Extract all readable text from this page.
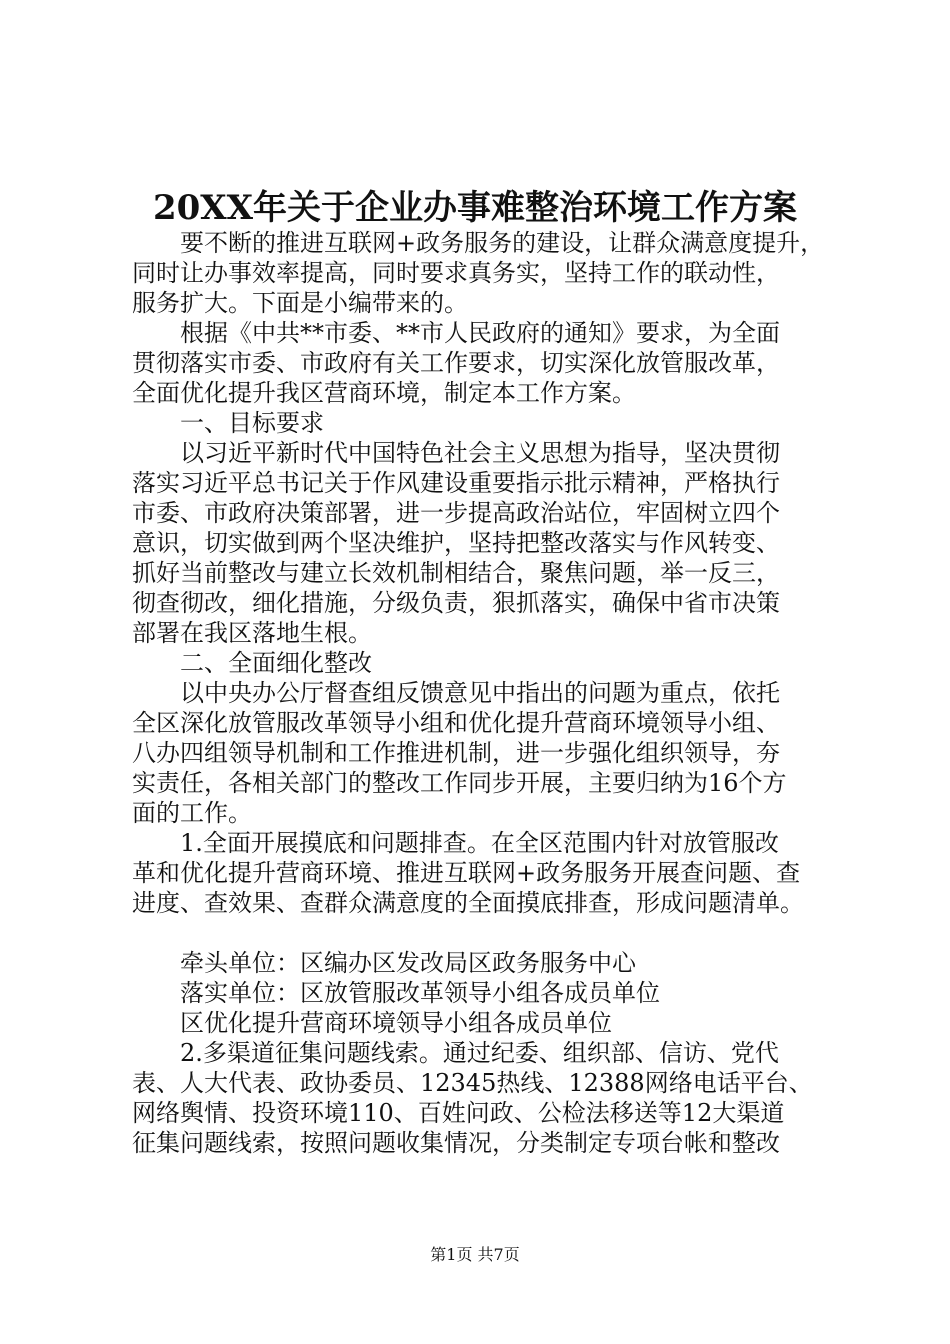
20XX年关于企业办事难整治环境工作方案
要不断的推进互联网+政务服务的建设，让群众满意度提升，
同时让办事效率提高，同时要求真务实，坚持工作的联动性，
服务扩大。下面是小编带来的。
根据《中共**市委、**市人民政府的通知》要求，为全面
贯彻落实市委、市政府有关工作要求，切实深化放管服改革，
全面优化提升我区营商环境，制定本工作方案。
一、目标要求
以习近平新时代中国特色社会主义思想为指导，坚决贯彻
落实习近平总书记关于作风建设重要指示批示精神，严格执行
市委、市政府决策部署，进一步提高政治站位，牢固树立四个
意识，切实做到两个坚决维护，坚持把整改落实与作风转变、
抓好当前整改与建立长效机制相结合，聚焦问题，举一反三，
彻查彻改，细化措施，分级负责，狠抓落实，确保中省市决策
部署在我区落地生根。
二、全面细化整改
以中央办公厅督查组反馈意见中指出的问题为重点，依托
全区深化放管服改革领导小组和优化提升营商环境领导小组、
八办四组领导机制和工作推进机制，进一步强化组织领导，夯
实责任，各相关部门的整改工作同步开展，主要归纳为16个方
面的工作。
1.全面开展摸底和问题排查。在全区范围内针对放管服改
革和优化提升营商环境、推进互联网+政务服务开展查问题、查
进度、查效果、查群众满意度的全面摸底排查，形成问题清单。
牵头单位：区编办区发改局区政务服务中心
落实单位：区放管服改革领导小组各成员单位
区优化提升营商环境领导小组各成员单位
2.多渠道征集问题线索。通过纪委、组织部、信访、党代
表、人大代表、政协委员、12345热线、12388网络电话平台、
网络舆情、投资环境110、百姓问政、公检法移送等12大渠道
征集问题线索，按照问题收集情况，分类制定专项台帐和整改
第1页 共7页
